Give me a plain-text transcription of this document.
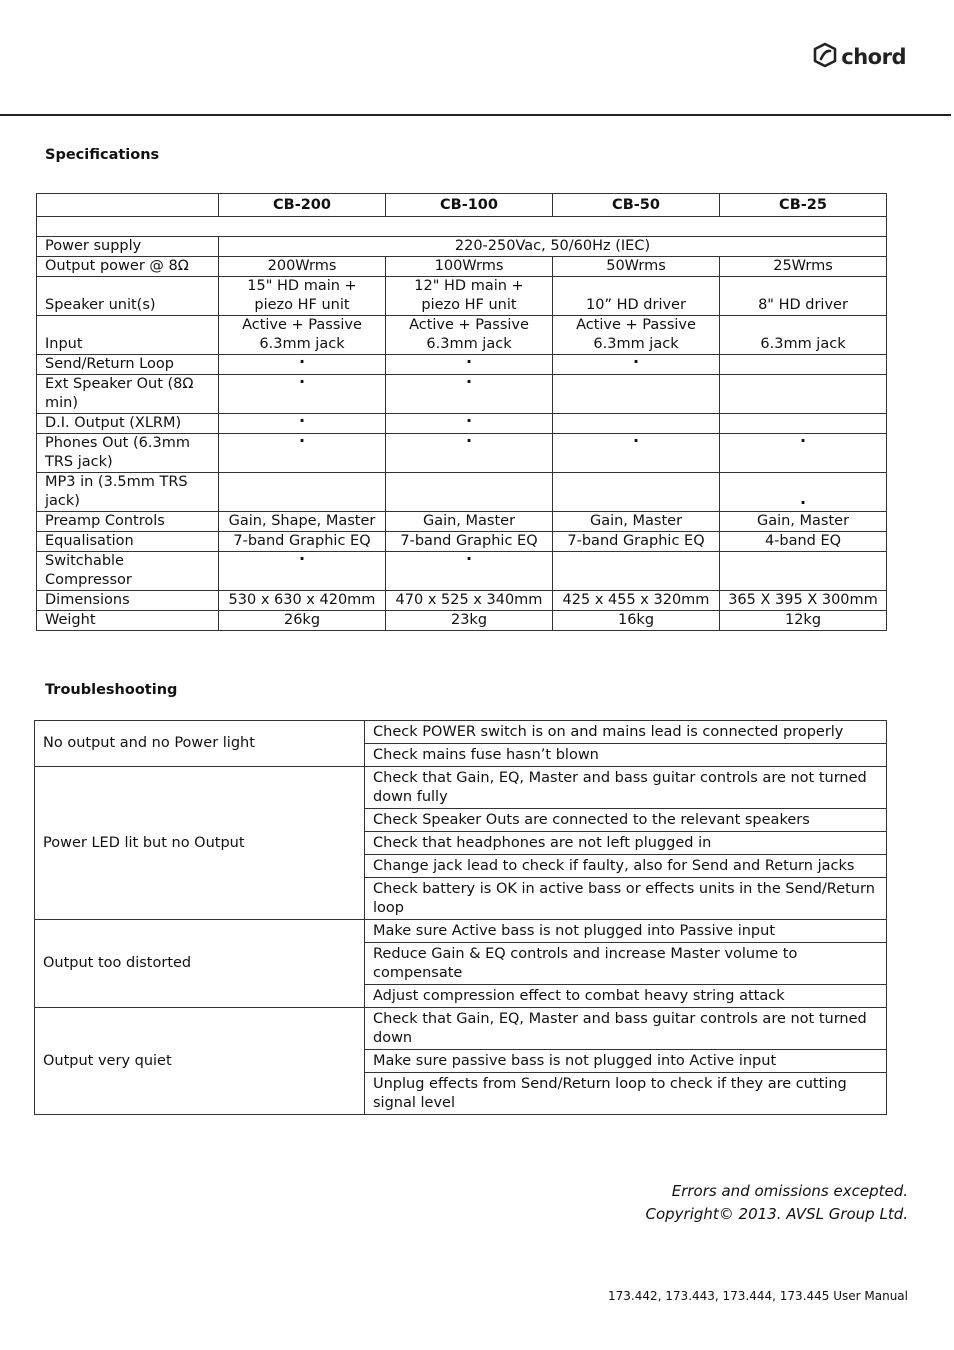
chord
Specifications
	CB-200	CB-100	CB-50	CB-25

Power supply	220-250Vac, 50/60Hz (IEC)			
Output power @ 8Ω	200Wrms	100Wrms	50Wrms	25Wrms
Speaker unit(s)	15" HD main + piezo HF unit	12" HD main + piezo HF unit	10” HD driver	8" HD driver
Input	Active + Passive 6.3mm jack	Active + Passive 6.3mm jack	Active + Passive 6.3mm jack	6.3mm jack
Send/Return Loop	·	·	·	
Ext Speaker Out (8Ω min)	·	·		
D.I. Output (XLRM)	·	·		
Phones Out (6.3mm TRS jack)	·	·	·	·
MP3 in (3.5mm TRS jack)				·
Preamp Controls	Gain, Shape, Master	Gain, Master	Gain, Master	Gain, Master
Equalisation	7-band Graphic EQ	7-band Graphic EQ	7-band Graphic EQ	4-band EQ
Switchable Compressor	·	·		
Dimensions	530 x 630 x 420mm	470 x 525 x 340mm	425 x 455 x 320mm	365 X 395 X 300mm
Weight	26kg	23kg	16kg	12kg
Troubleshooting
No output and no Power light	Check POWER switch is on and mains lead is connected properly
	Check mains fuse hasn’t blown
Power LED lit but no Output	Check that Gain, EQ, Master and bass guitar controls are not turned down fully
	Check Speaker Outs are connected to the relevant speakers
	Check that headphones are not left plugged in
	Change jack lead to check if faulty, also for Send and Return jacks
	Check battery is OK in active bass or effects units in the Send/Return loop
Output too distorted	Make sure Active bass is not plugged into Passive input
	Reduce Gain & EQ controls and increase Master volume to compensate
	Adjust compression effect to combat heavy string attack
Output very quiet	Check that Gain, EQ, Master and bass guitar controls are not turned down
	Make sure passive bass is not plugged into Active input
	Unplug effects from Send/Return loop to check if they are cutting signal level
Errors and omissions excepted.
Copyright© 2013. AVSL Group Ltd.
173.442, 173.443, 173.444, 173.445 User Manual
